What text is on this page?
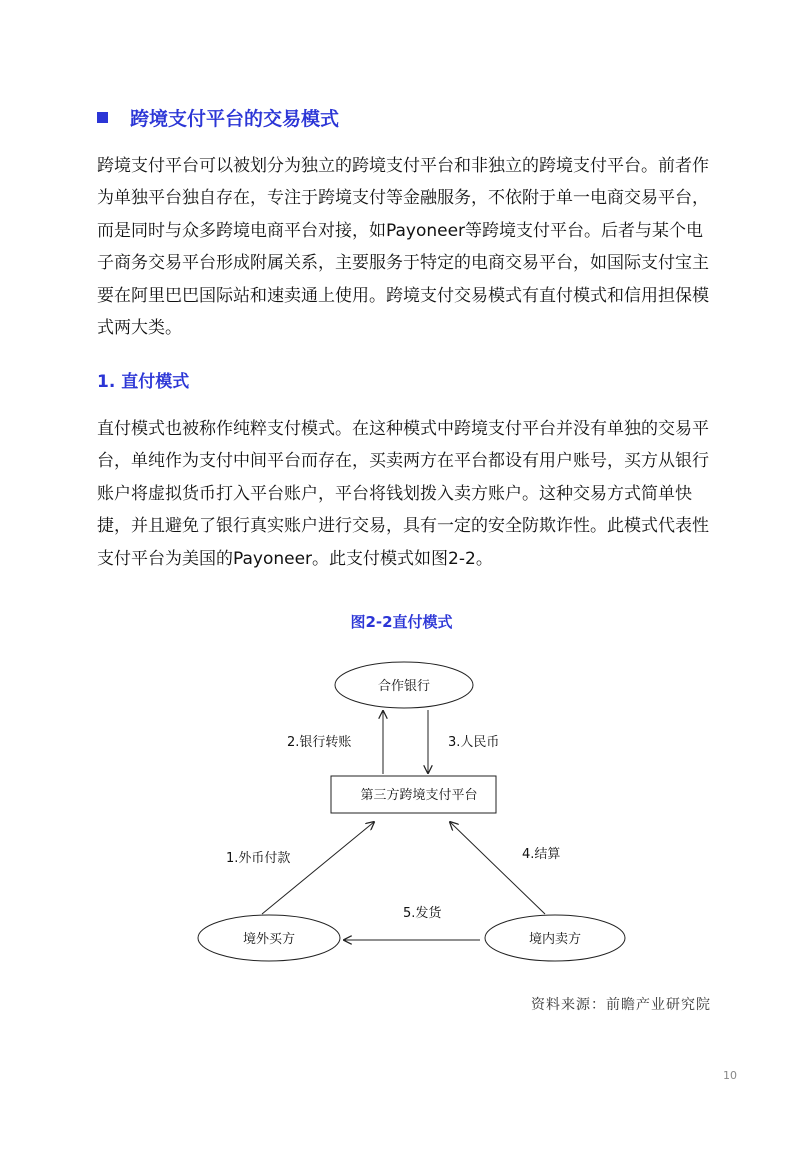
跨境支付平台的交易模式
跨境支付平台可以被划分为独立的跨境支付平台和非独立的跨境支付平台。前者作为单独平台独自存在，专注于跨境支付等金融服务，不依附于单一电商交易平台，而是同时与众多跨境电商平台对接，如Payoneer等跨境支付平台。后者与某个电子商务交易平台形成附属关系，主要服务于特定的电商交易平台，如国际支付宝主要在阿里巴巴国际站和速卖通上使用。跨境支付交易模式有直付模式和信用担保模式两大类。
1. 直付模式
直付模式也被称作纯粹支付模式。在这种模式中跨境支付平台并没有单独的交易平台，单纯作为支付中间平台而存在，买卖两方在平台都设有用户账号，买方从银行账户将虚拟货币打入平台账户，平台将钱划拨入卖方账户。这种交易方式简单快捷，并且避免了银行真实账户进行交易，具有一定的安全防欺诈性。此模式代表性支付平台为美国的Payoneer。此支付模式如图2-2。
图2-2直付模式
合作银行
第三方跨境支付平台
境外买方	境内卖方
2.银行转账	3.人民币
1.外币付款	4.结算
5.发货
资料来源：前瞻产业研究院
10
